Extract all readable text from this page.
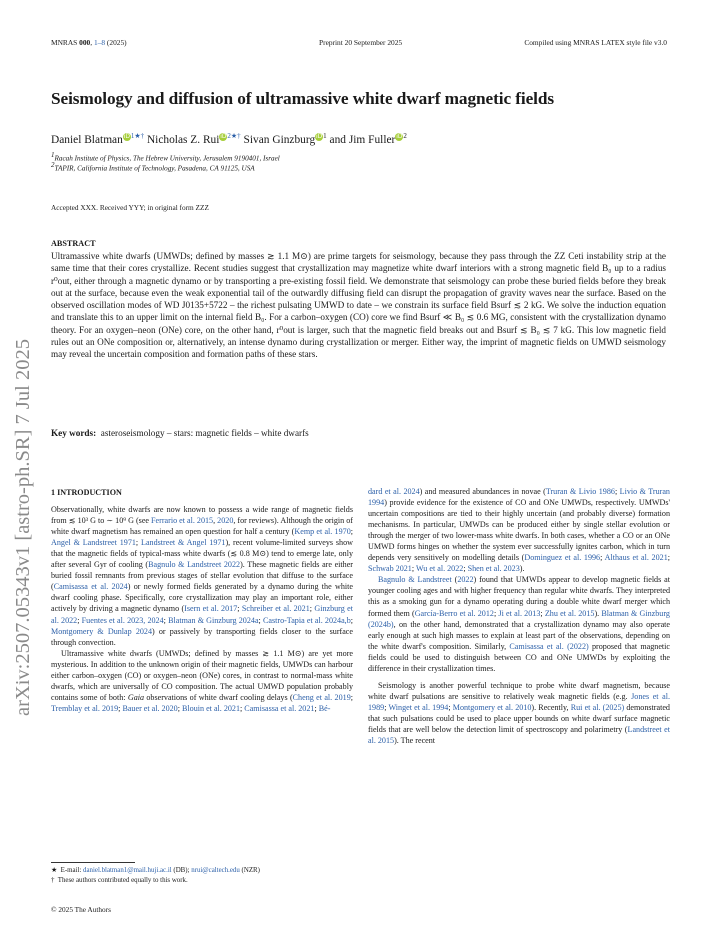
MNRAS 000, 1–8 (2025)	Preprint 20 September 2025	Compiled using MNRAS LATEX style file v3.0
Seismology and diffusion of ultramassive white dwarf magnetic fields
Daniel BlatmaniD$^{1★\dagger}$ Nicholas Z. RuiiD$^{2★\dagger}$ Sivan GinzburgiD$^1$ and Jim FulleriD$^2$
$^1$Racah Institute of Physics, The Hebrew University, Jerusalem 9190401, Israel
$^2$TAPIR, California Institute of Technology, Pasadena, CA 91125, USA
Accepted XXX. Received YYY; in original form ZZZ
ABSTRACT
Ultramassive white dwarfs (UMWDs; defined by masses ≳ 1.1 M⊙) are prime targets for seismology, because they pass through the ZZ Ceti instability strip at the same time that their cores crystallize. Recent studies suggest that crystallization may magnetize white dwarf interiors with a strong magnetic field B₀ up to a radius r⁰out, either through a magnetic dynamo or by transporting a pre-existing fossil field. We demonstrate that seismology can probe these buried fields before they break out at the surface, because even the weak exponential tail of the outwardly diffusing field can disrupt the propagation of gravity waves near the surface. Based on the observed oscillation modes of WD J0135+5722 – the richest pulsating UMWD to date – we constrain its surface field Bsurf ≲ 2 kG. We solve the induction equation and translate this to an upper limit on the internal field B₀. For a carbon–oxygen (CO) core we find Bsurf ≪ B₀ ≲ 0.6 MG, consistent with the crystallization dynamo theory. For an oxygen–neon (ONe) core, on the other hand, r⁰out is larger, such that the magnetic field breaks out and Bsurf ≲ B₀ ≲ 7 kG. This low magnetic field rules out an ONe composition or, alternatively, an intense dynamo during crystallization or merger. Either way, the imprint of magnetic fields on UMWD seismology may reveal the uncertain composition and formation paths of these stars.
Key words: asteroseismology – stars: magnetic fields – white dwarfs
arXiv:2507.05343v1 [astro-ph.SR] 7 Jul 2025	1 INTRODUCTION

Observationally, white dwarfs are now known to possess a wide range of magnetic fields from ≲ 10³ G to ∼ 10⁹ G (see Ferrario et al. 2015, 2020, for reviews). Although the origin of white dwarf magnetism has remained an open question for half a century (Kemp et al. 1970; Angel & Landstreet 1971; Landstreet & Angel 1971), recent volume-limited surveys show that the magnetic fields of typical-mass white dwarfs (≲ 0.8 M⊙) tend to emerge late, only after several Gyr of cooling (Bagnulo & Landstreet 2022). These magnetic fields are either buried fossil remnants from previous stages of stellar evolution that diffuse to the surface (Camisassa et al. 2024) or newly formed fields generated by a dynamo during the white dwarf cooling phase. Specifically, core crystallization may play an important role, either actively by driving a magnetic dynamo (Isern et al. 2017; Schreiber et al. 2021; Ginzburg et al. 2022; Fuentes et al. 2023, 2024; Blatman & Ginzburg 2024a; Castro-Tapia et al. 2024a,b; Montgomery & Dunlap 2024) or passively by transporting fields closer to the surface through convection.

Ultramassive white dwarfs (UMWDs; defined by masses ≳ 1.1 M⊙) are yet more mysterious. In addition to the unknown origin of their magnetic fields, UMWDs can harbour either carbon–oxygen (CO) or oxygen–neon (ONe) cores, in contrast to normal-mass white dwarfs, which are universally of CO composition. The actual UMWD population probably contains some of both: Gaia observations of white dwarf cooling delays (Cheng et al. 2019; Tremblay et al. 2019; Bauer et al. 2020; Blouin et al. 2021; Camisassa et al. 2021; Bé-

dard et al. 2024) and measured abundances in novae (Truran & Livio 1986; Livio & Truran 1994) provide evidence for the existence of CO and ONe UMWDs, respectively. UMWDs' uncertain compositions are tied to their highly uncertain (and probably diverse) formation mechanisms. In particular, UMWDs can be produced either by single stellar evolution or through the merger of two lower-mass white dwarfs. In both cases, whether a CO or an ONe UMWD forms hinges on whether the system ever successfully ignites carbon, which in turn depends very sensitively on modelling details (Dominguez et al. 1996; Althaus et al. 2021; Schwab 2021; Wu et al. 2022; Shen et al. 2023).

Bagnulo & Landstreet (2022) found that UMWDs appear to develop magnetic fields at younger cooling ages and with higher frequency than regular white dwarfs. They interpreted this as a smoking gun for a dynamo operating during a double white dwarf merger which formed them (García-Berro et al. 2012; Ji et al. 2013; Zhu et al. 2015). Blatman & Ginzburg (2024b), on the other hand, demonstrated that a crystallization dynamo may also operate early enough at such high masses to explain at least part of the observations, depending on the white dwarf's composition. Similarly, Camisassa et al. (2022) proposed that magnetic fields could be used to distinguish between CO and ONe UMWDs by exploiting the difference in their crystallization times.

Seismology is another powerful technique to probe white dwarf magnetism, because white dwarf pulsations are sensitive to relatively weak magnetic fields (e.g. Jones et al. 1989; Winget et al. 1994; Montgomery et al. 2010). Recently, Rui et al. (2025) demonstrated that such pulsations could be used to place upper bounds on white dwarf surface magnetic fields that are well below the detection limit of spectroscopy and polarimetry (Landstreet et al. 2015). The recent

★ E-mail: daniel.blatman1@mail.huji.ac.il (DB); nrui@caltech.edu (NZR)
† These authors contributed equally to this work.
© 2025 The Authors
